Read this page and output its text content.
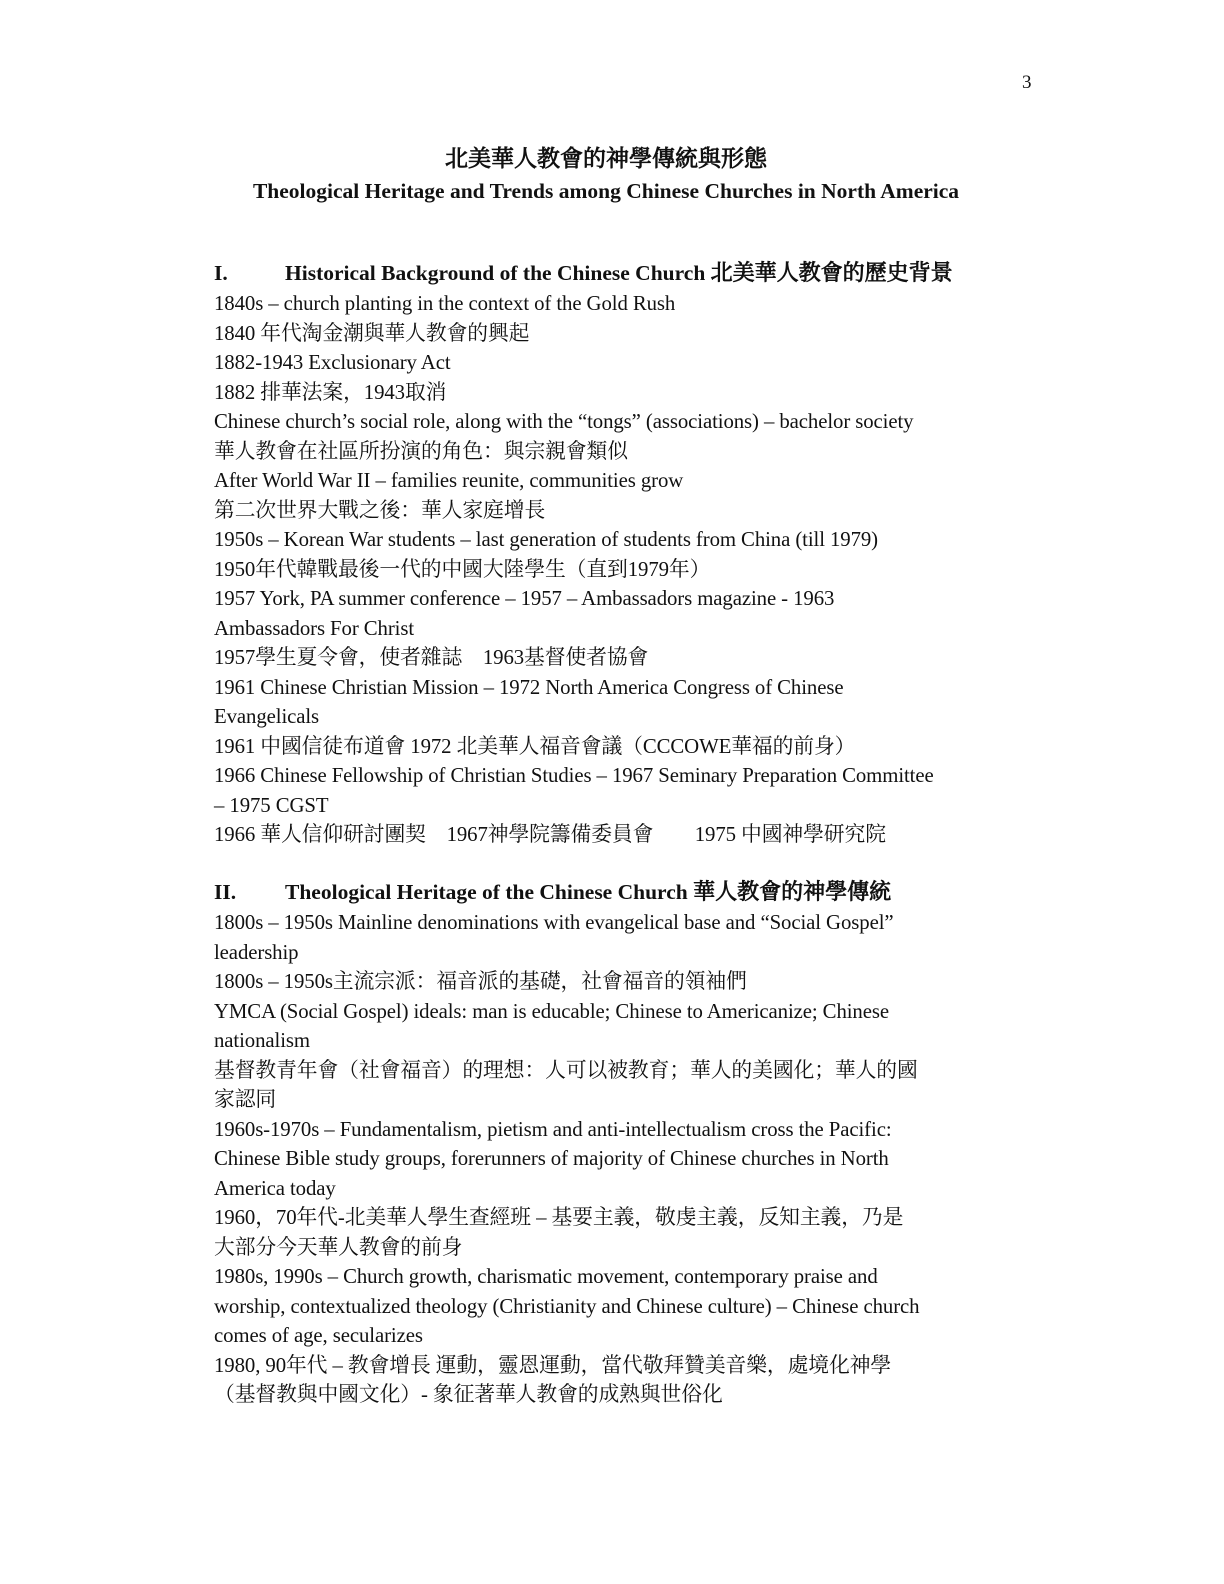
3
北美華人教會的神學傳統與形態
Theological Heritage and Trends among Chinese Churches in North America
I.	Historical Background of the Chinese Church 北美華人教會的歷史背景
1840s – church planting in the context of the Gold Rush
1840 年代淘金潮與華人教會的興起
1882-1943 Exclusionary Act
1882 排華法案，1943取消
Chinese church’s social role, along with the “tongs” (associations) – bachelor society
華人教會在社區所扮演的角色：與宗親會類似
After World War II – families reunite, communities grow
第二次世界大戰之後：華人家庭增長
1950s – Korean War students – last generation of students from China (till 1979)
1950年代韓戰最後一代的中國大陸學生（直到1979年）
1957 York, PA summer conference – 1957 – Ambassadors magazine - 1963
Ambassadors For Christ
1957學生夏令會，使者雜誌　1963基督使者協會
1961 Chinese Christian Mission – 1972 North America Congress of Chinese
Evangelicals
1961 中國信徒布道會 1972 北美華人福音會議（CCCOWE華福的前身）
1966 Chinese Fellowship of Christian Studies – 1967 Seminary Preparation Committee
– 1975 CGST
1966 華人信仰研討團契　1967神學院籌備委員會　　1975 中國神學研究院
II. Theological Heritage of the Chinese Church 華人教會的神學傳統
1800s – 1950s Mainline denominations with evangelical base and “Social Gospel”
leadership
1800s – 1950s主流宗派：福音派的基礎，社會福音的領袖們
YMCA (Social Gospel) ideals: man is educable; Chinese to Americanize; Chinese
nationalism
基督教青年會（社會福音）的理想：人可以被教育；華人的美國化；華人的國
家認同
1960s-1970s – Fundamentalism, pietism and anti-intellectualism cross the Pacific:
Chinese Bible study groups, forerunners of majority of Chinese churches in North
America today
1960，70年代-北美華人學生查經班 – 基要主義，敬虔主義，反知主義，乃是
大部分今天華人教會的前身
1980s, 1990s – Church growth, charismatic movement, contemporary praise and
worship, contextualized theology (Christianity and Chinese culture) – Chinese church
comes of age, secularizes
1980, 90年代 – 教會增長 運動，靈恩運動，當代敬拜贊美音樂，處境化神學
（基督教與中國文化）- 象征著華人教會的成熟與世俗化
